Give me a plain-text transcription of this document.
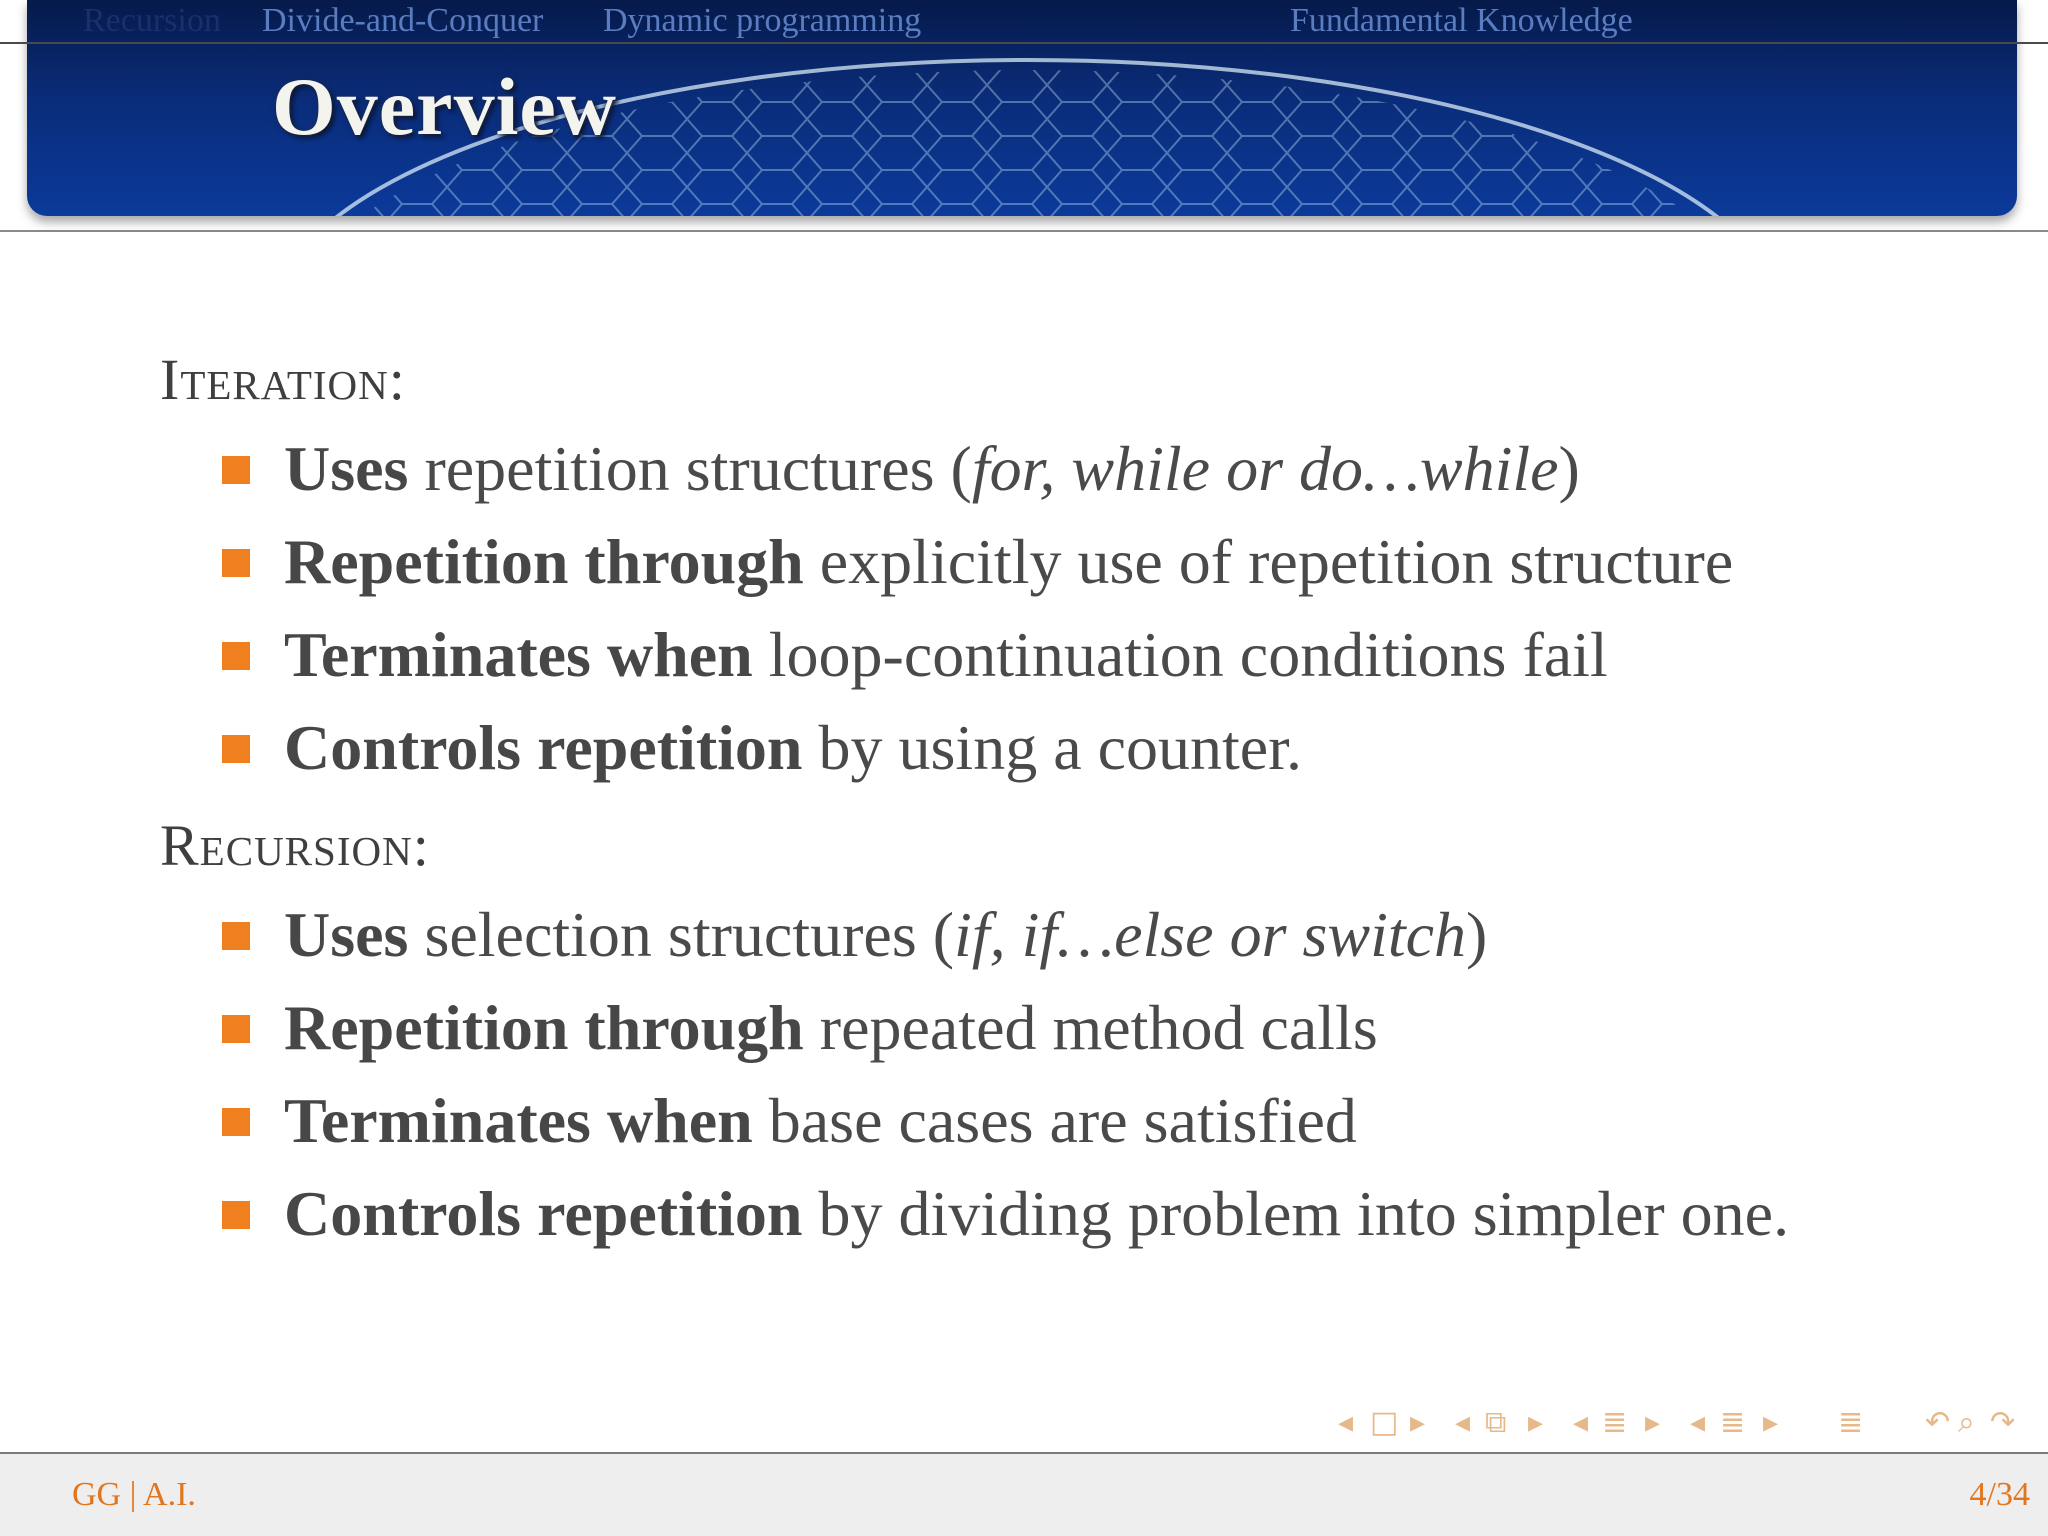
Recursion Divide-and-Conquer Dynamic programming	Fundamental Knowledge
Overview
Iteration:
Uses repetition structures (for, while or do…while)
Repetition through explicitly use of repetition structure
Terminates when loop-continuation conditions fail
Controls repetition by using a counter.
Recursion:
Uses selection structures (if, if…else or switch)
Repetition through repeated method calls
Terminates when base cases are satisfied
Controls repetition by dividing problem into simpler one.
◂ □ ▸ ◂ ⧉ ▸ ◂ ≣ ▸ ◂ ≣ ▸ ≣ ↶ ⌕ ↷
GG | A.I.	4/34
